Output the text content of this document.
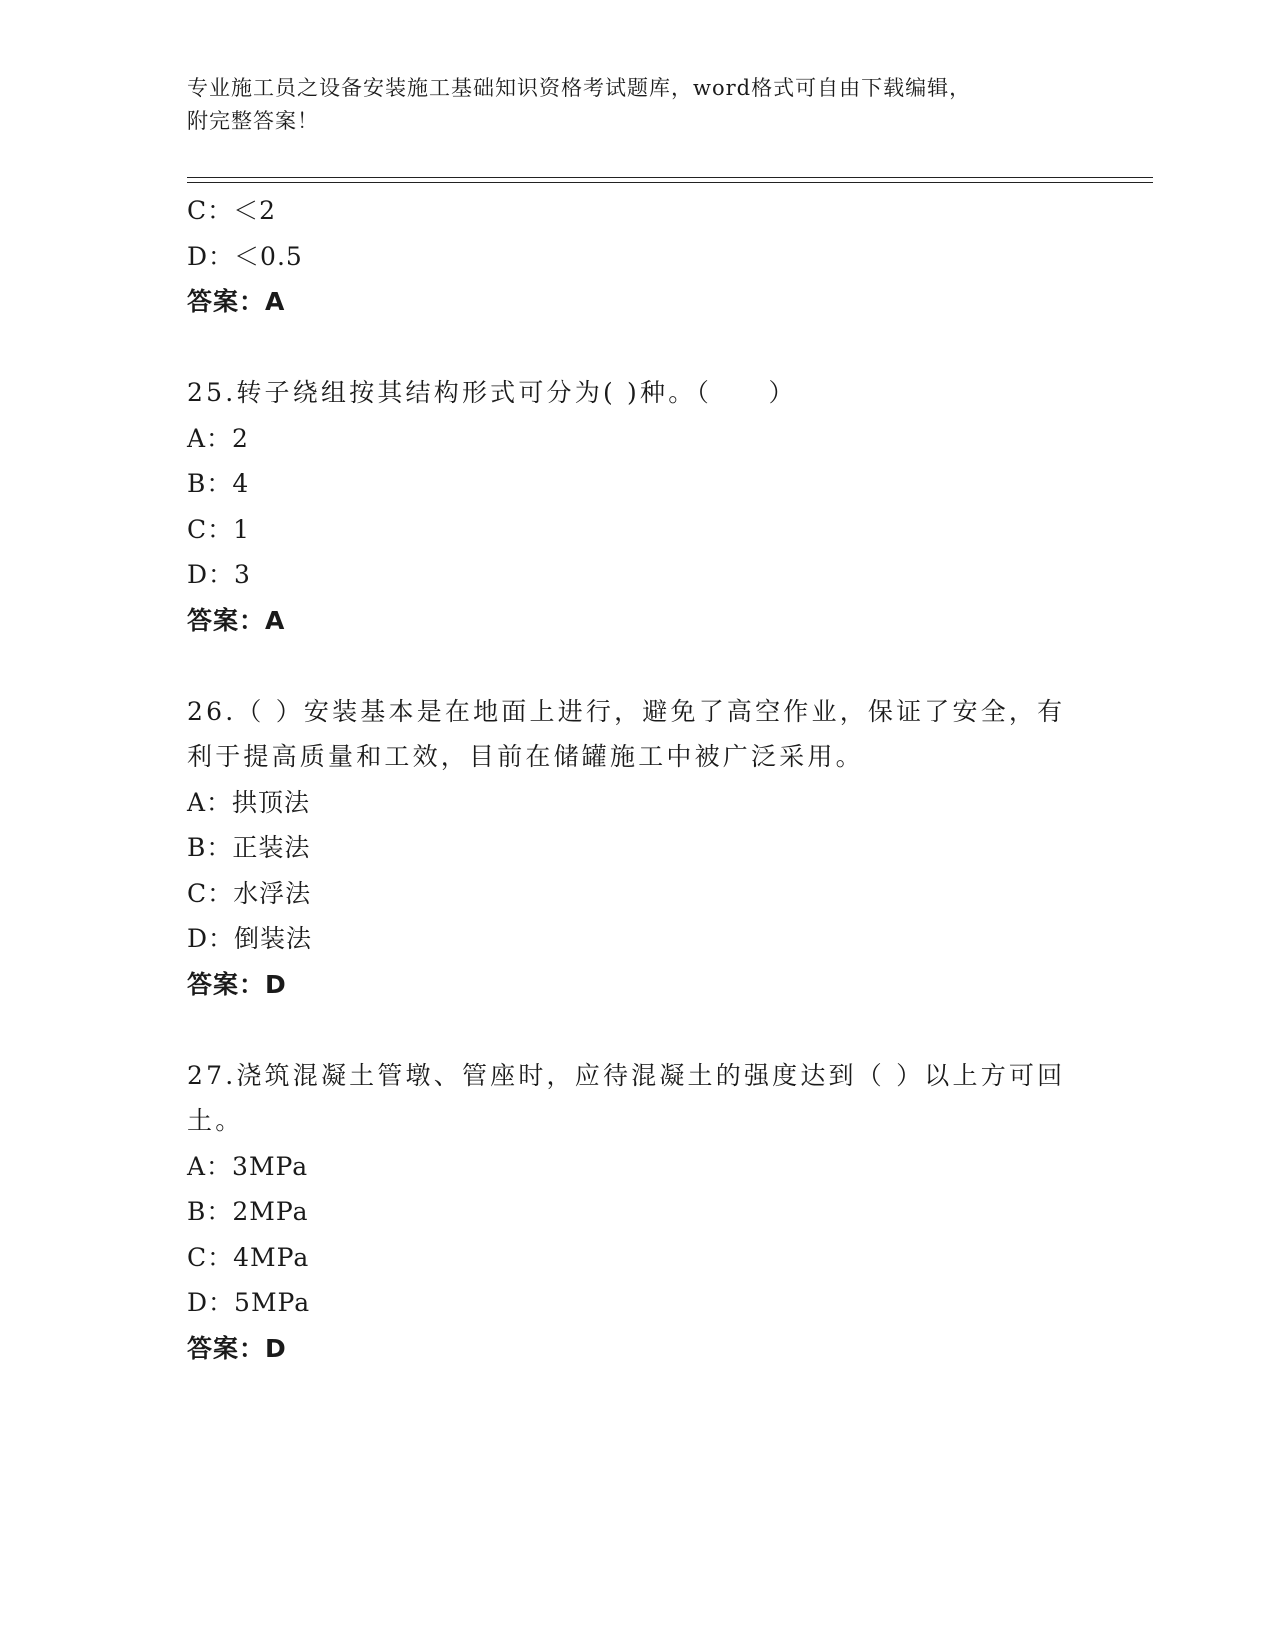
专业施工员之设备安装施工基础知识资格考试题库，word格式可自由下载编辑，
附完整答案！
C：＜2
D：＜0.5
答案：A
25.转子绕组按其结构形式可分为( )种。（　　）
A：2
B：4
C：1
D：3
答案：A
26.（ ）安装基本是在地面上进行，避免了高空作业，保证了安全，有利于提高质量和工效，目前在储罐施工中被广泛采用。
A：拱顶法
B：正装法
C：水浮法
D：倒装法
答案：D
27.浇筑混凝土管墩、管座时，应待混凝土的强度达到（ ）以上方可回土。
A：3MPa
B：2MPa
C：4MPa
D：5MPa
答案：D
